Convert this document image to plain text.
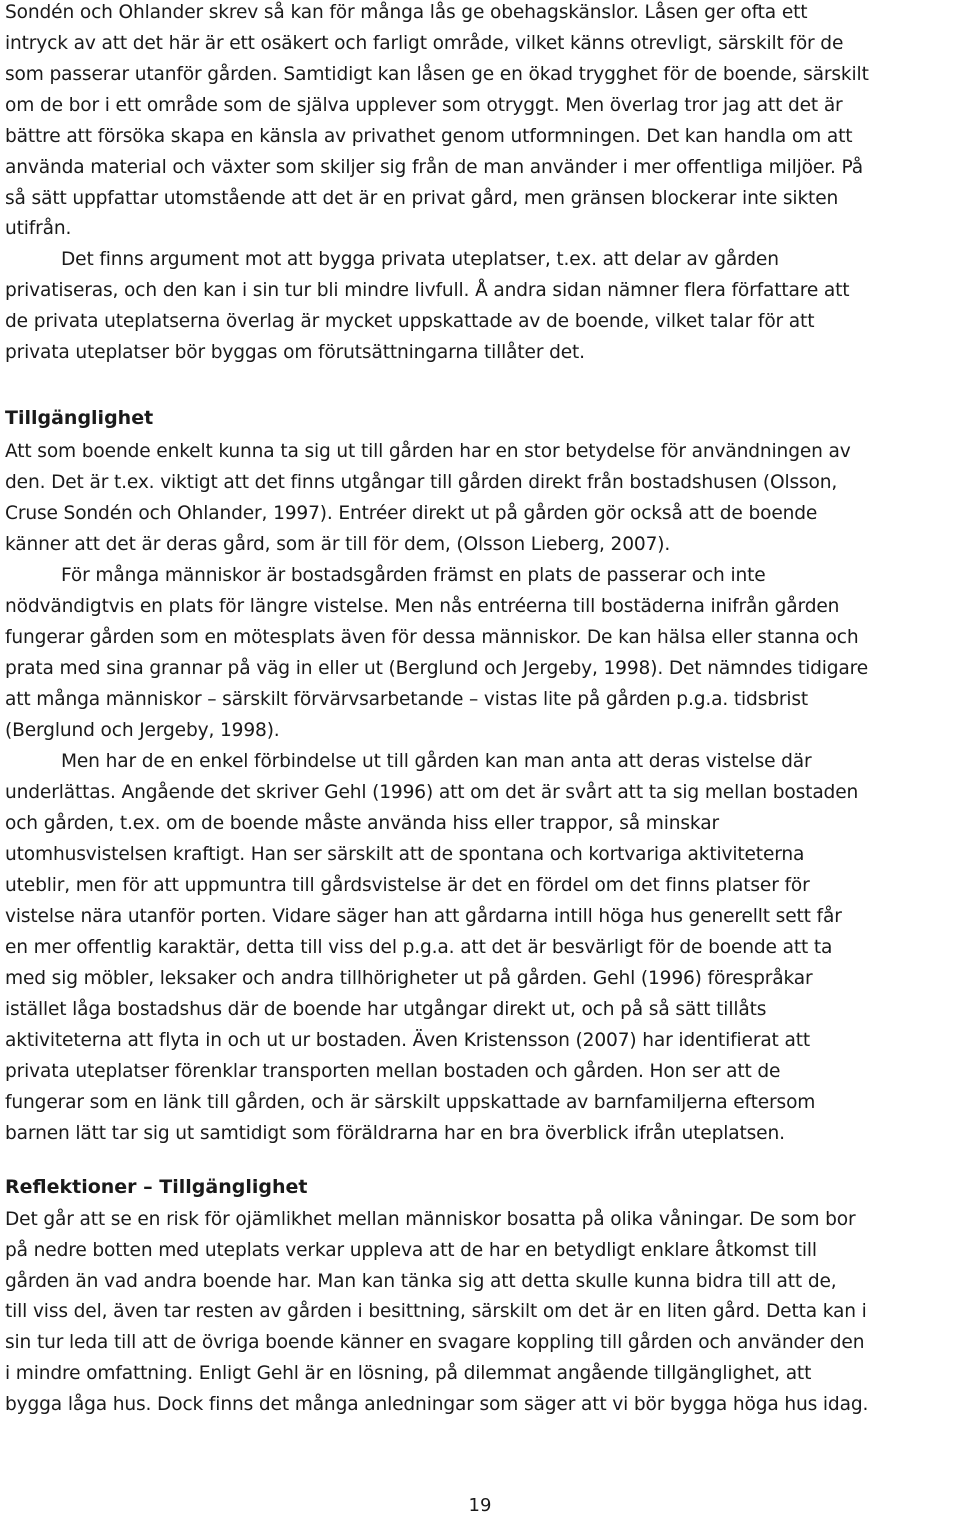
Sondén och Ohlander skrev så kan för många lås ge obehagskänslor. Låsen ger ofta ett
intryck av att det här är ett osäkert och farligt område, vilket känns otrevligt, särskilt för de
som passerar utanför gården. Samtidigt kan låsen ge en ökad trygghet för de boende, särskilt
om de bor i ett område som de själva upplever som otryggt. Men överlag tror jag att det är
bättre att försöka skapa en känsla av privathet genom utformningen. Det kan handla om att
använda material och växter som skiljer sig från de man använder i mer offentliga miljöer. På
så sätt uppfattar utomstående att det är en privat gård, men gränsen blockerar inte sikten
utifrån.
Det finns argument mot att bygga privata uteplatser, t.ex. att delar av gården
privatiseras, och den kan i sin tur bli mindre livfull. Å andra sidan nämner flera författare att
de privata uteplatserna överlag är mycket uppskattade av de boende, vilket talar för att
privata uteplatser bör byggas om förutsättningarna tillåter det.
Tillgänglighet
Att som boende enkelt kunna ta sig ut till gården har en stor betydelse för användningen av
den. Det är t.ex. viktigt att det finns utgångar till gården direkt från bostadshusen (Olsson,
Cruse Sondén och Ohlander, 1997). Entréer direkt ut på gården gör också att de boende
känner att det är deras gård, som är till för dem, (Olsson Lieberg, 2007).
För många människor är bostadsgården främst en plats de passerar och inte
nödvändigtvis en plats för längre vistelse. Men nås entréerna till bostäderna inifrån gården
fungerar gården som en mötesplats även för dessa människor. De kan hälsa eller stanna och
prata med sina grannar på väg in eller ut (Berglund och Jergeby, 1998). Det nämndes tidigare
att många människor – särskilt förvärvsarbetande – vistas lite på gården p.g.a. tidsbrist
(Berglund och Jergeby, 1998).
Men har de en enkel förbindelse ut till gården kan man anta att deras vistelse där
underlättas. Angående det skriver Gehl (1996) att om det är svårt att ta sig mellan bostaden
och gården, t.ex. om de boende måste använda hiss eller trappor, så minskar
utomhusvistelsen kraftigt. Han ser särskilt att de spontana och kortvariga aktiviteterna
uteblir, men för att uppmuntra till gårdsvistelse är det en fördel om det finns platser för
vistelse nära utanför porten. Vidare säger han att gårdarna intill höga hus generellt sett får
en mer offentlig karaktär, detta till viss del p.g.a. att det är besvärligt för de boende att ta
med sig möbler, leksaker och andra tillhörigheter ut på gården. Gehl (1996) förespråkar
istället låga bostadshus där de boende har utgångar direkt ut, och på så sätt tillåts
aktiviteterna att flyta in och ut ur bostaden. Även Kristensson (2007) har identifierat att
privata uteplatser förenklar transporten mellan bostaden och gården. Hon ser att de
fungerar som en länk till gården, och är särskilt uppskattade av barnfamiljerna eftersom
barnen lätt tar sig ut samtidigt som föräldrarna har en bra överblick ifrån uteplatsen.
Reflektioner – Tillgänglighet
Det går att se en risk för ojämlikhet mellan människor bosatta på olika våningar. De som bor
på nedre botten med uteplats verkar uppleva att de har en betydligt enklare åtkomst till
gården än vad andra boende har. Man kan tänka sig att detta skulle kunna bidra till att de,
till viss del, även tar resten av gården i besittning, särskilt om det är en liten gård. Detta kan i
sin tur leda till att de övriga boende känner en svagare koppling till gården och använder den
i mindre omfattning. Enligt Gehl är en lösning, på dilemmat angående tillgänglighet, att
bygga låga hus. Dock finns det många anledningar som säger att vi bör bygga höga hus idag.
19
